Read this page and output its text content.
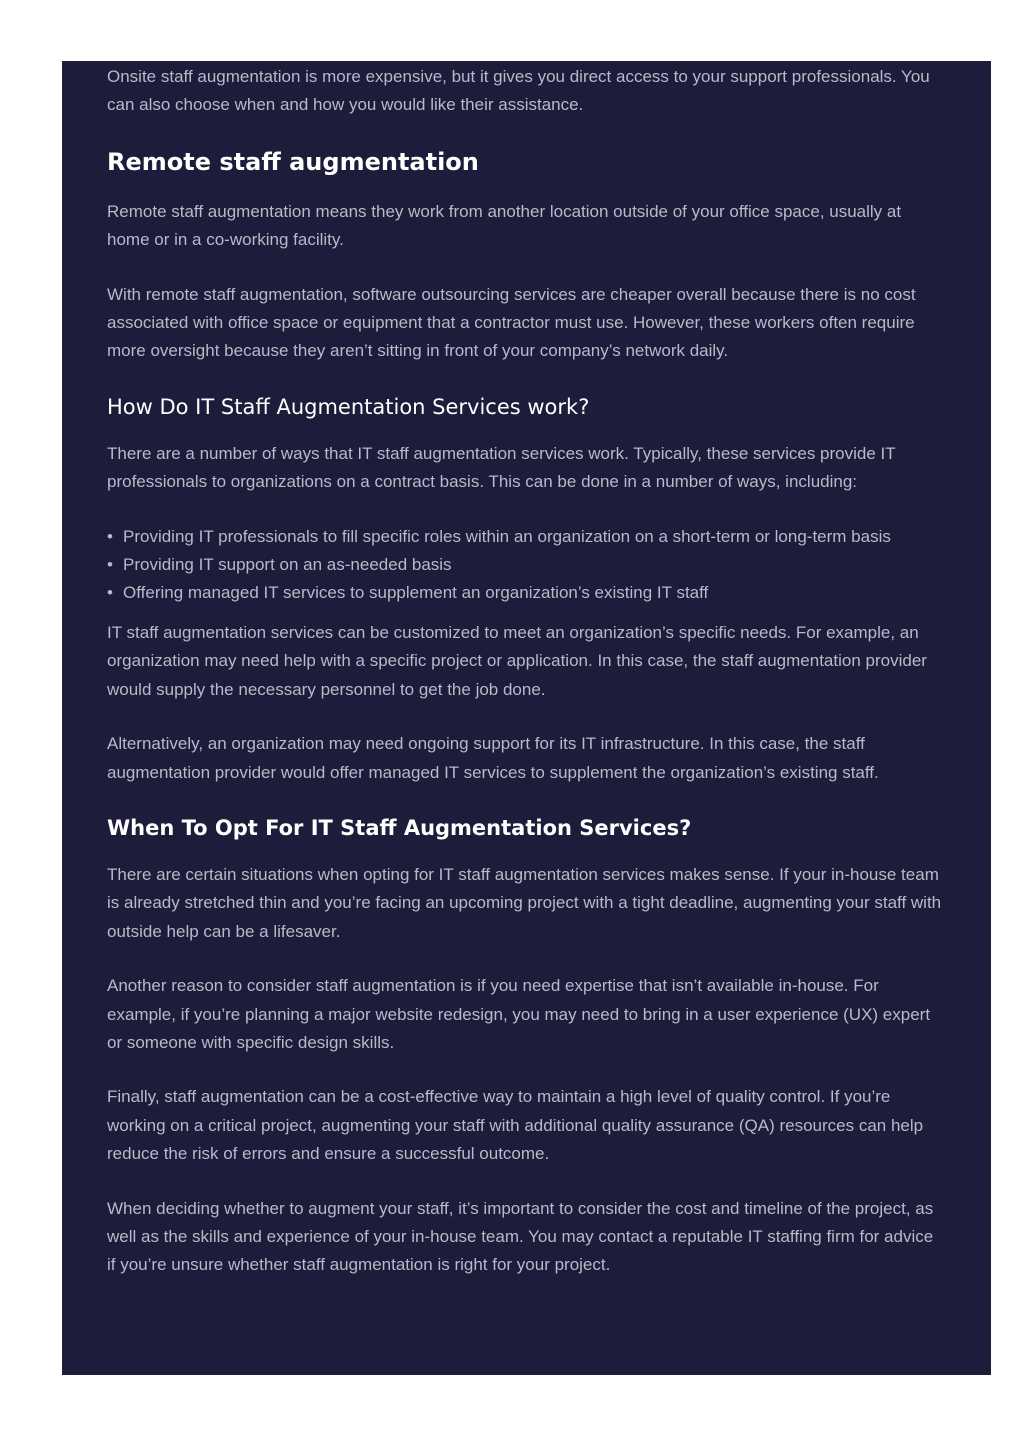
Onsite staff augmentation is more expensive, but it gives you direct access to your support professionals. You can also choose when and how you would like their assistance.

Remote staff augmentation

Remote staff augmentation means they work from another location outside of your office space, usually at home or in a co-working facility.

With remote staff augmentation, software outsourcing services are cheaper overall because there is no cost associated with office space or equipment that a contractor must use. However, these workers often require more oversight because they aren’t sitting in front of your company’s network daily.

How Do IT Staff Augmentation Services work?

There are a number of ways that IT staff augmentation services work. Typically, these services provide IT professionals to organizations on a contract basis. This can be done in a number of ways, including:

• Providing IT professionals to fill specific roles within an organization on a short-term or long-term basis
• Providing IT support on an as-needed basis
• Offering managed IT services to supplement an organization’s existing IT staff

IT staff augmentation services can be customized to meet an organization’s specific needs. For example, an organization may need help with a specific project or application. In this case, the staff augmentation provider would supply the necessary personnel to get the job done.

Alternatively, an organization may need ongoing support for its IT infrastructure. In this case, the staff augmentation provider would offer managed IT services to supplement the organization’s existing staff.

When To Opt For IT Staff Augmentation Services?

There are certain situations when opting for IT staff augmentation services makes sense. If your in-house team is already stretched thin and you’re facing an upcoming project with a tight deadline, augmenting your staff with outside help can be a lifesaver.

Another reason to consider staff augmentation is if you need expertise that isn’t available in-house. For example, if you’re planning a major website redesign, you may need to bring in a user experience (UX) expert or someone with specific design skills.

Finally, staff augmentation can be a cost-effective way to maintain a high level of quality control. If you’re working on a critical project, augmenting your staff with additional quality assurance (QA) resources can help reduce the risk of errors and ensure a successful outcome.

When deciding whether to augment your staff, it’s important to consider the cost and timeline of the project, as well as the skills and experience of your in-house team. You may contact a reputable IT staffing firm for advice if you’re unsure whether staff augmentation is right for your project.
